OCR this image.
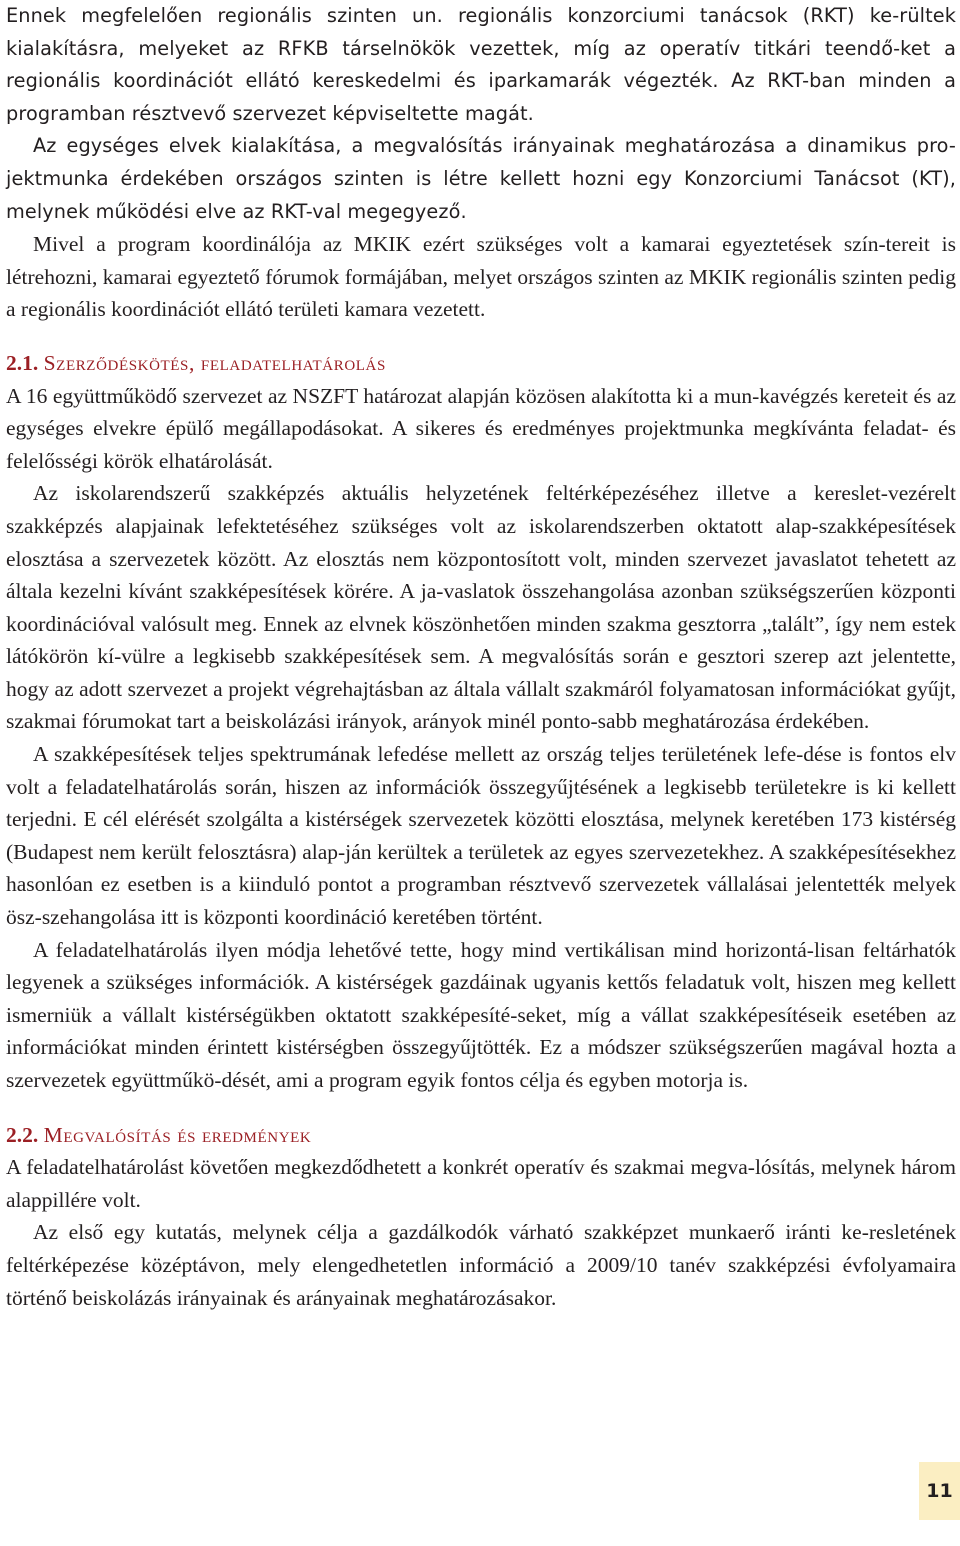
Ennek megfelelően regionális szinten un. regionális konzorciumi tanácsok (RKT) ke-rültek kialakításra, melyeket az RFKB társelnökök vezettek, míg az operatív titkári teendő-ket a regionális koordinációt ellátó kereskedelmi és iparkamarák végezték. Az RKT-ban minden a programban résztvevő szervezet képviseltette magát.

Az egységes elvek kialakítása, a megvalósítás irányainak meghatározása a dinamikus pro-jektmunka érdekében országos szinten is létre kellett hozni egy Konzorciumi Tanácsot (KT), melynek működési elve az RKT-val megegyező.

Mivel a program koordinálója az MKIK ezért szükséges volt a kamarai egyeztetések szín-tereit is létrehozni, kamarai egyeztető fórumok formájában, melyet országos szinten az MKIK regionális szinten pedig a regionális koordinációt ellátó területi kamara vezetett.

2.1. Szerződéskötés, feladatelhatárolás

A 16 együttműködő szervezet az NSZFT határozat alapján közösen alakította ki a mun-kavégzés kereteit és az egységes elvekre épülő megállapodásokat. A sikeres és eredményes projektmunka megkívánta feladat- és felelősségi körök elhatárolását.

Az iskolarendszerű szakképzés aktuális helyzetének feltérképezéséhez illetve a kereslet-vezérelt szakképzés alapjainak lefektetéséhez szükséges volt az iskolarendszerben oktatott alap-szakképesítések elosztása a szervezetek között. Az elosztás nem központosított volt, minden szervezet javaslatot tehetett az általa kezelni kívánt szakképesítések körére. A ja-vaslatok összehangolása azonban szükségszerűen központi koordinációval valósult meg. Ennek az elvnek köszönhetően minden szakma gesztorra „talált”, így nem estek látókörön kí-vülre a legkisebb szakképesítések sem. A megvalósítás során e gesztori szerep azt jelentette, hogy az adott szervezet a projekt végrehajtásban az általa vállalt szakmáról folyamatosan információkat gyűjt, szakmai fórumokat tart a beiskolázási irányok, arányok minél ponto-sabb meghatározása érdekében.

A szakképesítések teljes spektrumának lefedése mellett az ország teljes területének lefe-dése is fontos elv volt a feladatelhatárolás során, hiszen az információk összegyűjtésének a legkisebb területekre is ki kellett terjedni. E cél elérését szolgálta a kistérségek szervezetek közötti elosztása, melynek keretében 173 kistérség (Budapest nem került felosztásra) alap-ján kerültek a területek az egyes szervezetekhez. A szakképesítésekhez hasonlóan ez esetben is a kiinduló pontot a programban résztvevő szervezetek vállalásai jelentették melyek ösz-szehangolása itt is központi koordináció keretében történt.

A feladatelhatárolás ilyen módja lehetővé tette, hogy mind vertikálisan mind horizontá-lisan feltárhatók legyenek a szükséges információk. A kistérségek gazdáinak ugyanis kettős feladatuk volt, hiszen meg kellett ismerniük a vállalt kistérségükben oktatott szakképesíté-seket, míg a vállat szakképesítéseik esetében az információkat minden érintett kistérségben összegyűjtötték. Ez a módszer szükségszerűen magával hozta a szervezetek együttműkö-dését, ami a program egyik fontos célja és egyben motorja is.

2.2. Megvalósítás és eredmények

A feladatelhatárolást követően megkezdődhetett a konkrét operatív és szakmai megva-lósítás, melynek három alappillére volt.

Az első egy kutatás, melynek célja a gazdálkodók várható szakképzet munkaerő iránti ke-resletének feltérképezése középtávon, mely elengedhetetlen információ a 2009/10 tanév szakképzési évfolyamaira történő beiskolázás irányainak és arányainak meghatározásakor.

11
